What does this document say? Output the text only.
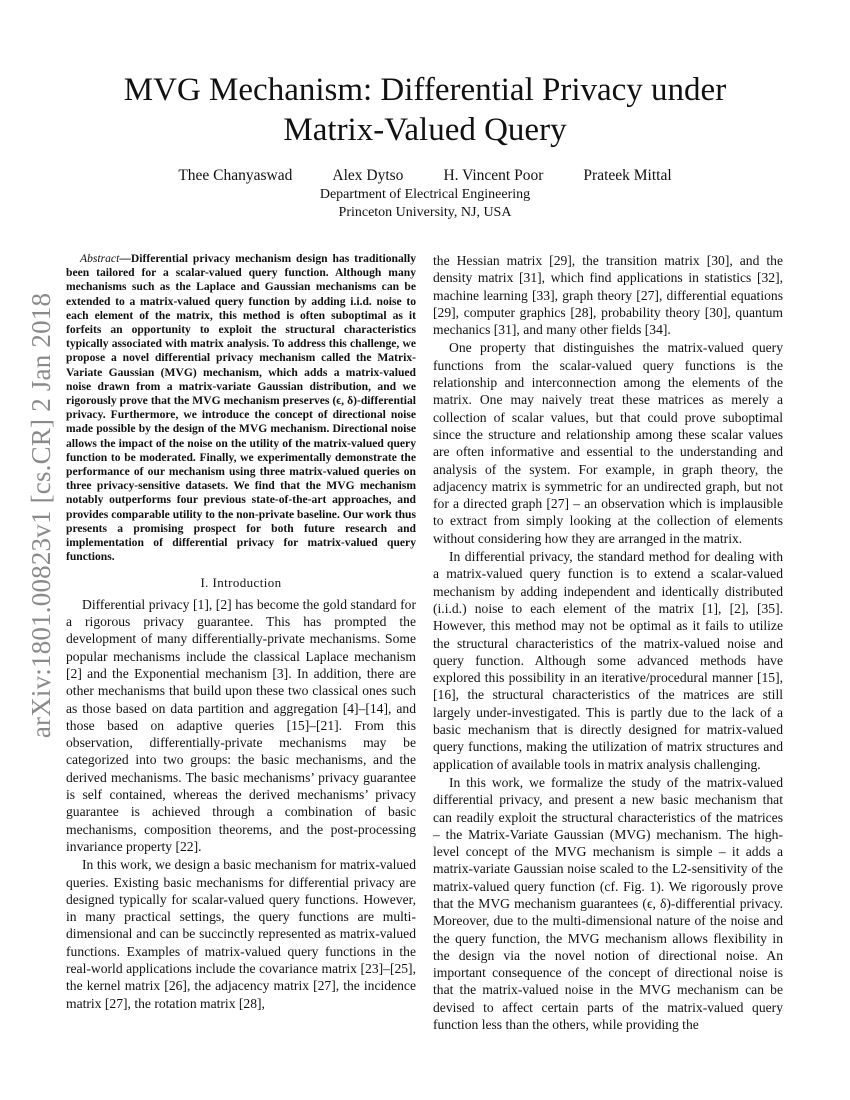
arXiv:1801.00823v1 [cs.CR] 2 Jan 2018
MVG Mechanism: Differential Privacy under
Matrix-Valued Query
Thee Chanyaswad	Alex Dytso	H. Vincent Poor	Prateek Mittal
Department of Electrical Engineering
Princeton University, NJ, USA

Abstract—Differential privacy mechanism design has traditionally been tailored for a scalar-valued query function. Although many mechanisms such as the Laplace and Gaussian mechanisms can be extended to a matrix-valued query function by adding i.i.d. noise to each element of the matrix, this method is often suboptimal as it forfeits an opportunity to exploit the structural characteristics typically associated with matrix analysis. To address this challenge, we propose a novel differential privacy mechanism called the Matrix-Variate Gaussian (MVG) mechanism, which adds a matrix-valued noise drawn from a matrix-variate Gaussian distribution, and we rigorously prove that the MVG mechanism preserves (ϵ, δ)-differential privacy. Furthermore, we introduce the concept of directional noise made possible by the design of the MVG mechanism. Directional noise allows the impact of the noise on the utility of the matrix-valued query function to be moderated. Finally, we experimentally demonstrate the performance of our mechanism using three matrix-valued queries on three privacy-sensitive datasets. We find that the MVG mechanism notably outperforms four previous state-of-the-art approaches, and provides comparable utility to the non-private baseline. Our work thus presents a promising prospect for both future research and implementation of differential privacy for matrix-valued query functions.

I. Introduction

Differential privacy [1], [2] has become the gold standard for a rigorous privacy guarantee. This has prompted the development of many differentially-private mechanisms. Some popular mechanisms include the classical Laplace mechanism [2] and the Exponential mechanism [3]. In addition, there are other mechanisms that build upon these two classical ones such as those based on data partition and aggregation [4]–[14], and those based on adaptive queries [15]–[21]. From this observation, differentially-private mechanisms may be categorized into two groups: the basic mechanisms, and the derived mechanisms. The basic mechanisms’ privacy guarantee is self contained, whereas the derived mechanisms’ privacy guarantee is achieved through a combination of basic mechanisms, composition theorems, and the post-processing invariance property [22].

In this work, we design a basic mechanism for matrix-valued queries. Existing basic mechanisms for differential privacy are designed typically for scalar-valued query functions. However, in many practical settings, the query functions are multi-dimensional and can be succinctly represented as matrix-valued functions. Examples of matrix-valued query functions in the real-world applications include the covariance matrix [23]–[25], the kernel matrix [26], the adjacency matrix [27], the incidence matrix [27], the rotation matrix [28],

the Hessian matrix [29], the transition matrix [30], and the density matrix [31], which find applications in statistics [32], machine learning [33], graph theory [27], differential equations [29], computer graphics [28], probability theory [30], quantum mechanics [31], and many other fields [34].

One property that distinguishes the matrix-valued query functions from the scalar-valued query functions is the relationship and interconnection among the elements of the matrix. One may naively treat these matrices as merely a collection of scalar values, but that could prove suboptimal since the structure and relationship among these scalar values are often informative and essential to the understanding and analysis of the system. For example, in graph theory, the adjacency matrix is symmetric for an undirected graph, but not for a directed graph [27] – an observation which is implausible to extract from simply looking at the collection of elements without considering how they are arranged in the matrix.

In differential privacy, the standard method for dealing with a matrix-valued query function is to extend a scalar-valued mechanism by adding independent and identically distributed (i.i.d.) noise to each element of the matrix [1], [2], [35]. However, this method may not be optimal as it fails to utilize the structural characteristics of the matrix-valued noise and query function. Although some advanced methods have explored this possibility in an iterative/procedural manner [15], [16], the structural characteristics of the matrices are still largely under-investigated. This is partly due to the lack of a basic mechanism that is directly designed for matrix-valued query functions, making the utilization of matrix structures and application of available tools in matrix analysis challenging.

In this work, we formalize the study of the matrix-valued differential privacy, and present a new basic mechanism that can readily exploit the structural characteristics of the matrices – the Matrix-Variate Gaussian (MVG) mechanism. The high-level concept of the MVG mechanism is simple – it adds a matrix-variate Gaussian noise scaled to the L2-sensitivity of the matrix-valued query function (cf. Fig. 1). We rigorously prove that the MVG mechanism guarantees (ϵ, δ)-differential privacy. Moreover, due to the multi-dimensional nature of the noise and the query function, the MVG mechanism allows flexibility in the design via the novel notion of directional noise. An important consequence of the concept of directional noise is that the matrix-valued noise in the MVG mechanism can be devised to affect certain parts of the matrix-valued query function less than the others, while providing the
